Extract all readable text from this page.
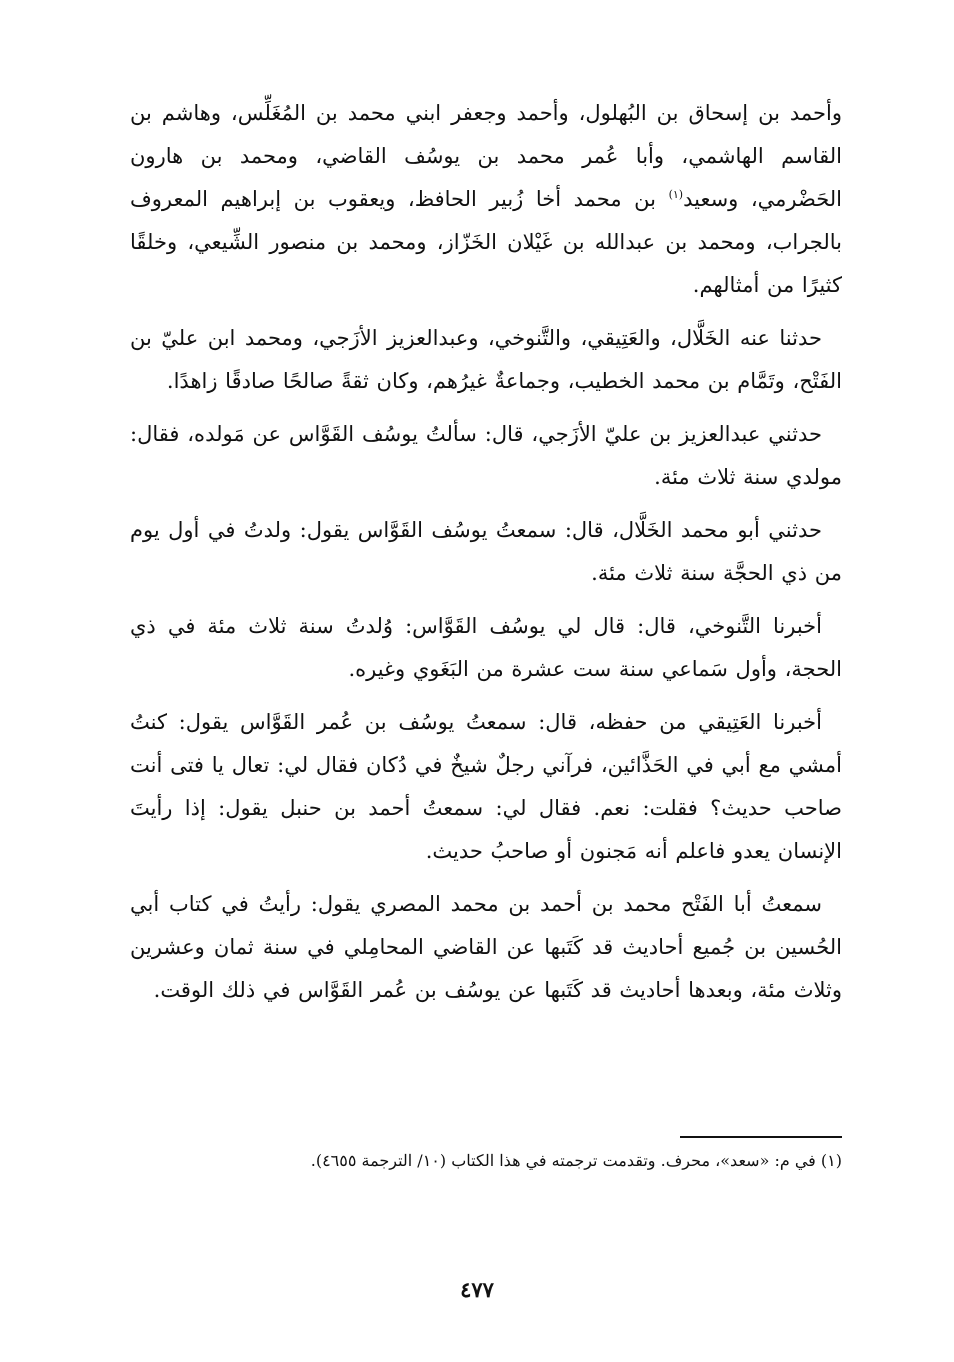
وأحمد بن إسحاق بن البُهلول، وأحمد وجعفر ابني محمد بن المُغَلِّس، وهاشم بن القاسم الهاشمي، وأبا عُمر محمد بن يوسُف القاضي، ومحمد بن هارون الحَضْرمي، وسعيد$^{(١)}$ بن محمد أخا زُبير الحافظ، ويعقوب بن إبراهيم المعروف بالجراب، ومحمد بن عبدالله بن غَيْلان الخَزّاز، ومحمد بن منصور الشِّيعي، وخلقًا كثيرًا من أمثالهم.

حدثنا عنه الخَلَّال، والعَتِيقي، والتَّنوخي، وعبدالعزيز الأزَجي، ومحمد ابن عليّ بن الفَتْح، وتَمَّام بن محمد الخطيب، وجماعةٌ غيرُهم، وكان ثقةً صالحًا صادقًا زاهدًا.

حدثني عبدالعزيز بن عليّ الأزَجي، قال: سألتُ يوسُف القَوَّاس عن مَولده، فقال: مولدي سنة ثلاث مئة.

حدثني أبو محمد الخَلَّال، قال: سمعتُ يوسُف القَوَّاس يقول: ولدتُ في أول يوم من ذي الحجَّة سنة ثلاث مئة.

أخبرنا التَّنوخي، قال: قال لي يوسُف القَوَّاس: وُلدتُ سنة ثلاث مئة في ذي الحجة، وأول سَماعي سنة ست عشرة من البَغَوي وغيره.

أخبرنا العَتِيقي من حفظه، قال: سمعتُ يوسُف بن عُمر القَوَّاس يقول: كنتُ أمشي مع أبي في الحَذَّائين، فرآني رجلٌ شيخٌ في دُكان فقال لي: تعال يا فتى أنت صاحب حديث؟ فقلت: نعم. فقال لي: سمعتُ أحمد بن حنبل يقول: إذا رأيتَ الإنسان يعدو فاعلم أنه مَجنون أو صاحبُ حديث.

سمعتُ أبا الفَتْح محمد بن أحمد بن محمد المصري يقول: رأيتُ في كتاب أبي الحُسين بن جُميع أحاديث قد كَتَبها عن القاضي المحامِلي في سنة ثمان وعشرين وثلاث مئة، وبعدها أحاديث قد كَتَبها عن يوسُف بن عُمر القَوَّاس في ذلك الوقت.

(١) في م: «سعد»، محرف. وتقدمت ترجمته في هذا الكتاب (١٠/ الترجمة ٤٦٥٥).
٤٧٧
